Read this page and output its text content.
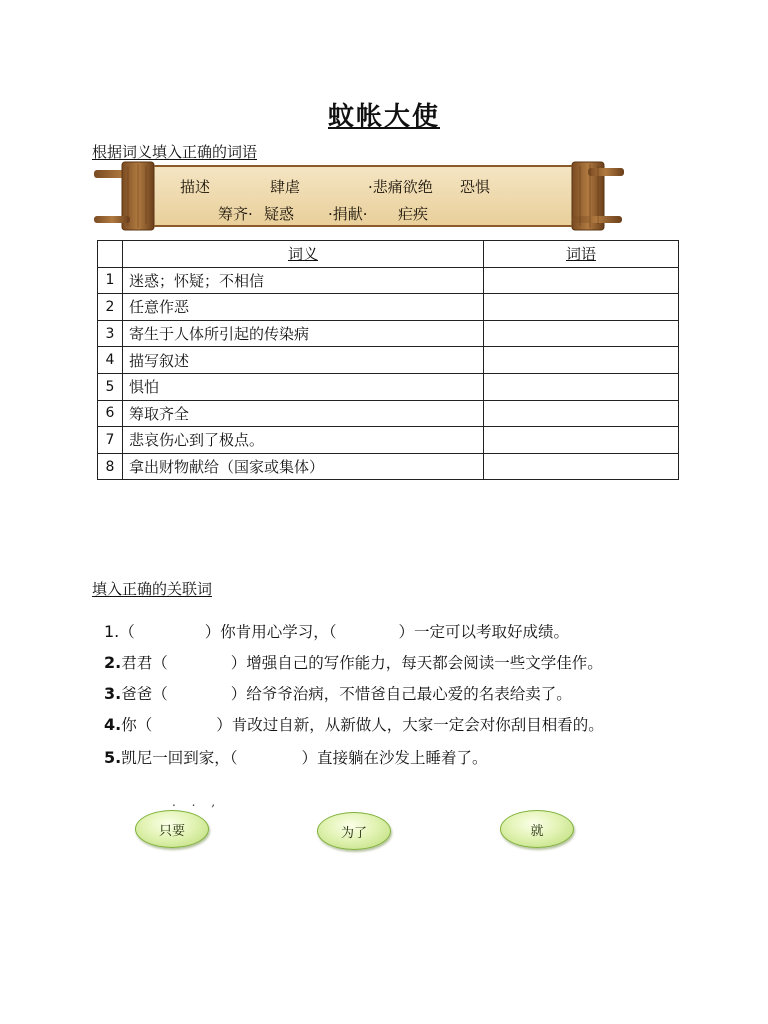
蚊帐大使
根据词义填入正确的词语
描述	肆虐	·悲痛欲绝 恐惧
筹齐· 疑惑 ·捐献· 疟疾
	词义	词语
1	迷惑；怀疑；不相信	
2	任意作恶	
3	寄生于人体所引起的传染病	
4	描写叙述	
5	惧怕	
6	筹取齐全	
7	悲哀伤心到了极点。	
8	拿出财物献给（国家或集体）	
填入正确的关联词
1.（	）你肯用心学习，（	）一定可以考取好成绩。
2.君君（	）增强自己的写作能力，每天都会阅读一些文学佳作。
3.爸爸（	）给爷爷治病，不惜爸自己最心爱的名表给卖了。
4.你（	）肯改过自新，从新做人，大家一定会对你刮目相看的。
5.凯尼一回到家，（	）直接躺在沙发上睡着了。
. . ,
只要	为了	就
